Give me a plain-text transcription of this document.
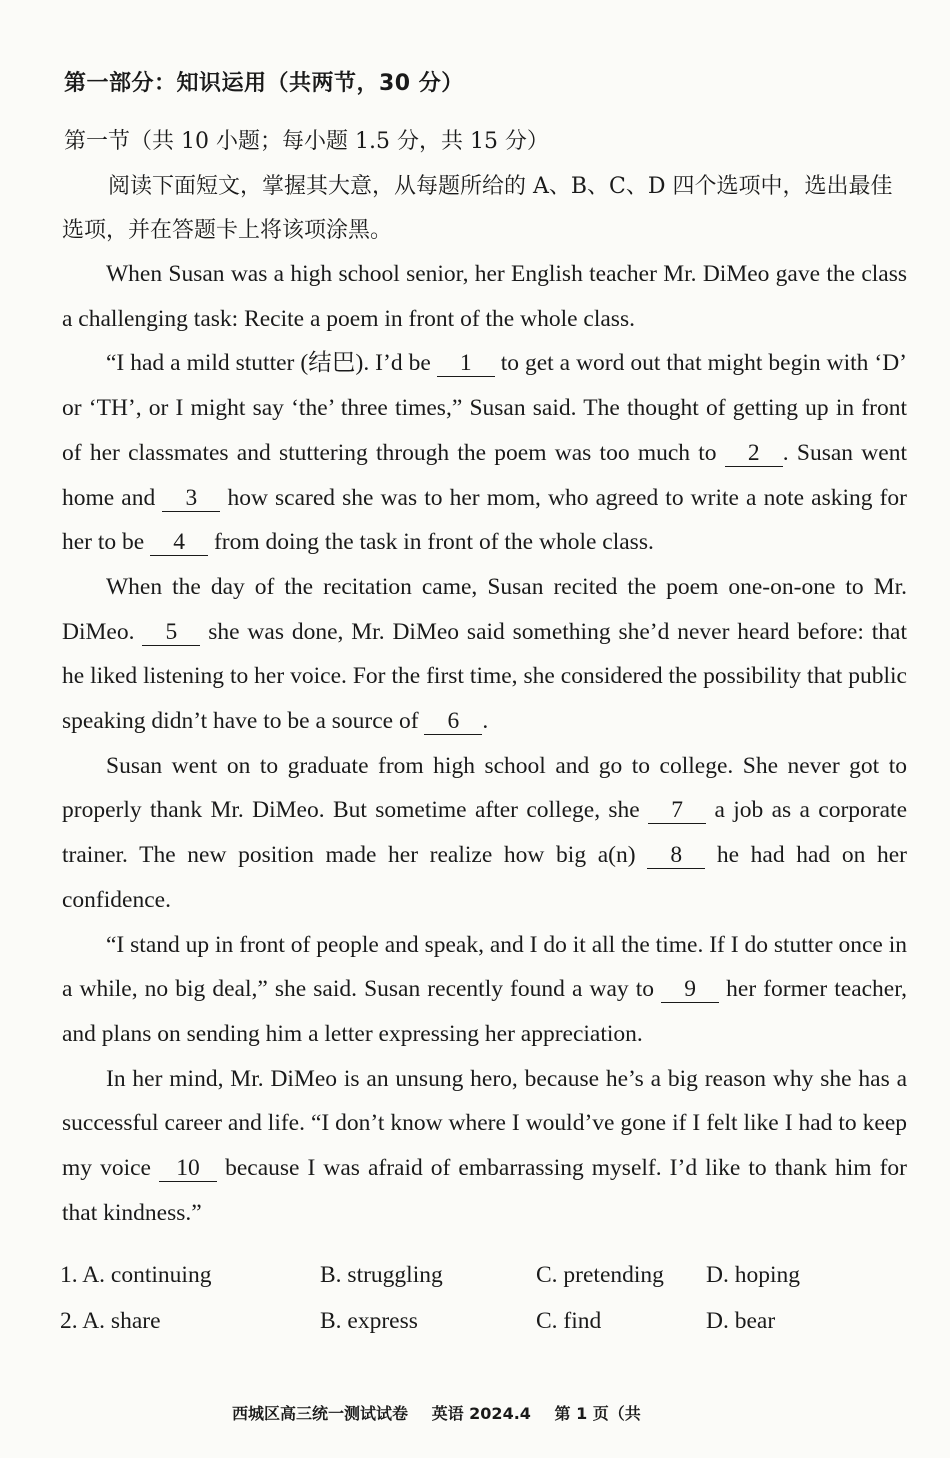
第一部分：知识运用（共两节，30 分）
第一节（共 10 小题；每小题 1.5 分，共 15 分）
阅读下面短文，掌握其大意，从每题所给的 A、B、C、D 四个选项中，选出最佳选项，并在答题卡上将该项涂黑。

When Susan was a high school senior, her English teacher Mr. DiMeo gave the class a challenging task: Recite a poem in front of the whole class.

“I had a mild stutter (结巴). I’d be 1 to get a word out that might begin with ‘D’ or ‘TH’, or I might say ‘the’ three times,” Susan said. The thought of getting up in front of her classmates and stuttering through the poem was too much to 2 . Susan went home and 3 how scared she was to her mom, who agreed to write a note asking for her to be 4 from doing the task in front of the whole class.

When the day of the recitation came, Susan recited the poem one-on-one to Mr. DiMeo. 5 she was done, Mr. DiMeo said something she’d never heard before: that he liked listening to her voice. For the first time, she considered the possibility that public speaking didn’t have to be a source of 6 .

Susan went on to graduate from high school and go to college. She never got to properly thank Mr. DiMeo. But sometime after college, she 7 a job as a corporate trainer. The new position made her realize how big a(n) 8 he had had on her confidence.

“I stand up in front of people and speak, and I do it all the time. If I do stutter once in a while, no big deal,” she said. Susan recently found a way to 9 her former teacher, and plans on sending him a letter expressing her appreciation.

In her mind, Mr. DiMeo is an unsung hero, because he’s a big reason why she has a successful career and life. “I don’t know where I would’ve gone if I felt like I had to keep my voice 10 because I was afraid of embarrassing myself. I’d like to thank him for that kindness.”

1. A. continuing	B. struggling	C. pretending D. hoping
2. A. share	B. express	C. find	D. bear
西城区高三统一测试试卷 英语 2024.4 第 1 页（共
